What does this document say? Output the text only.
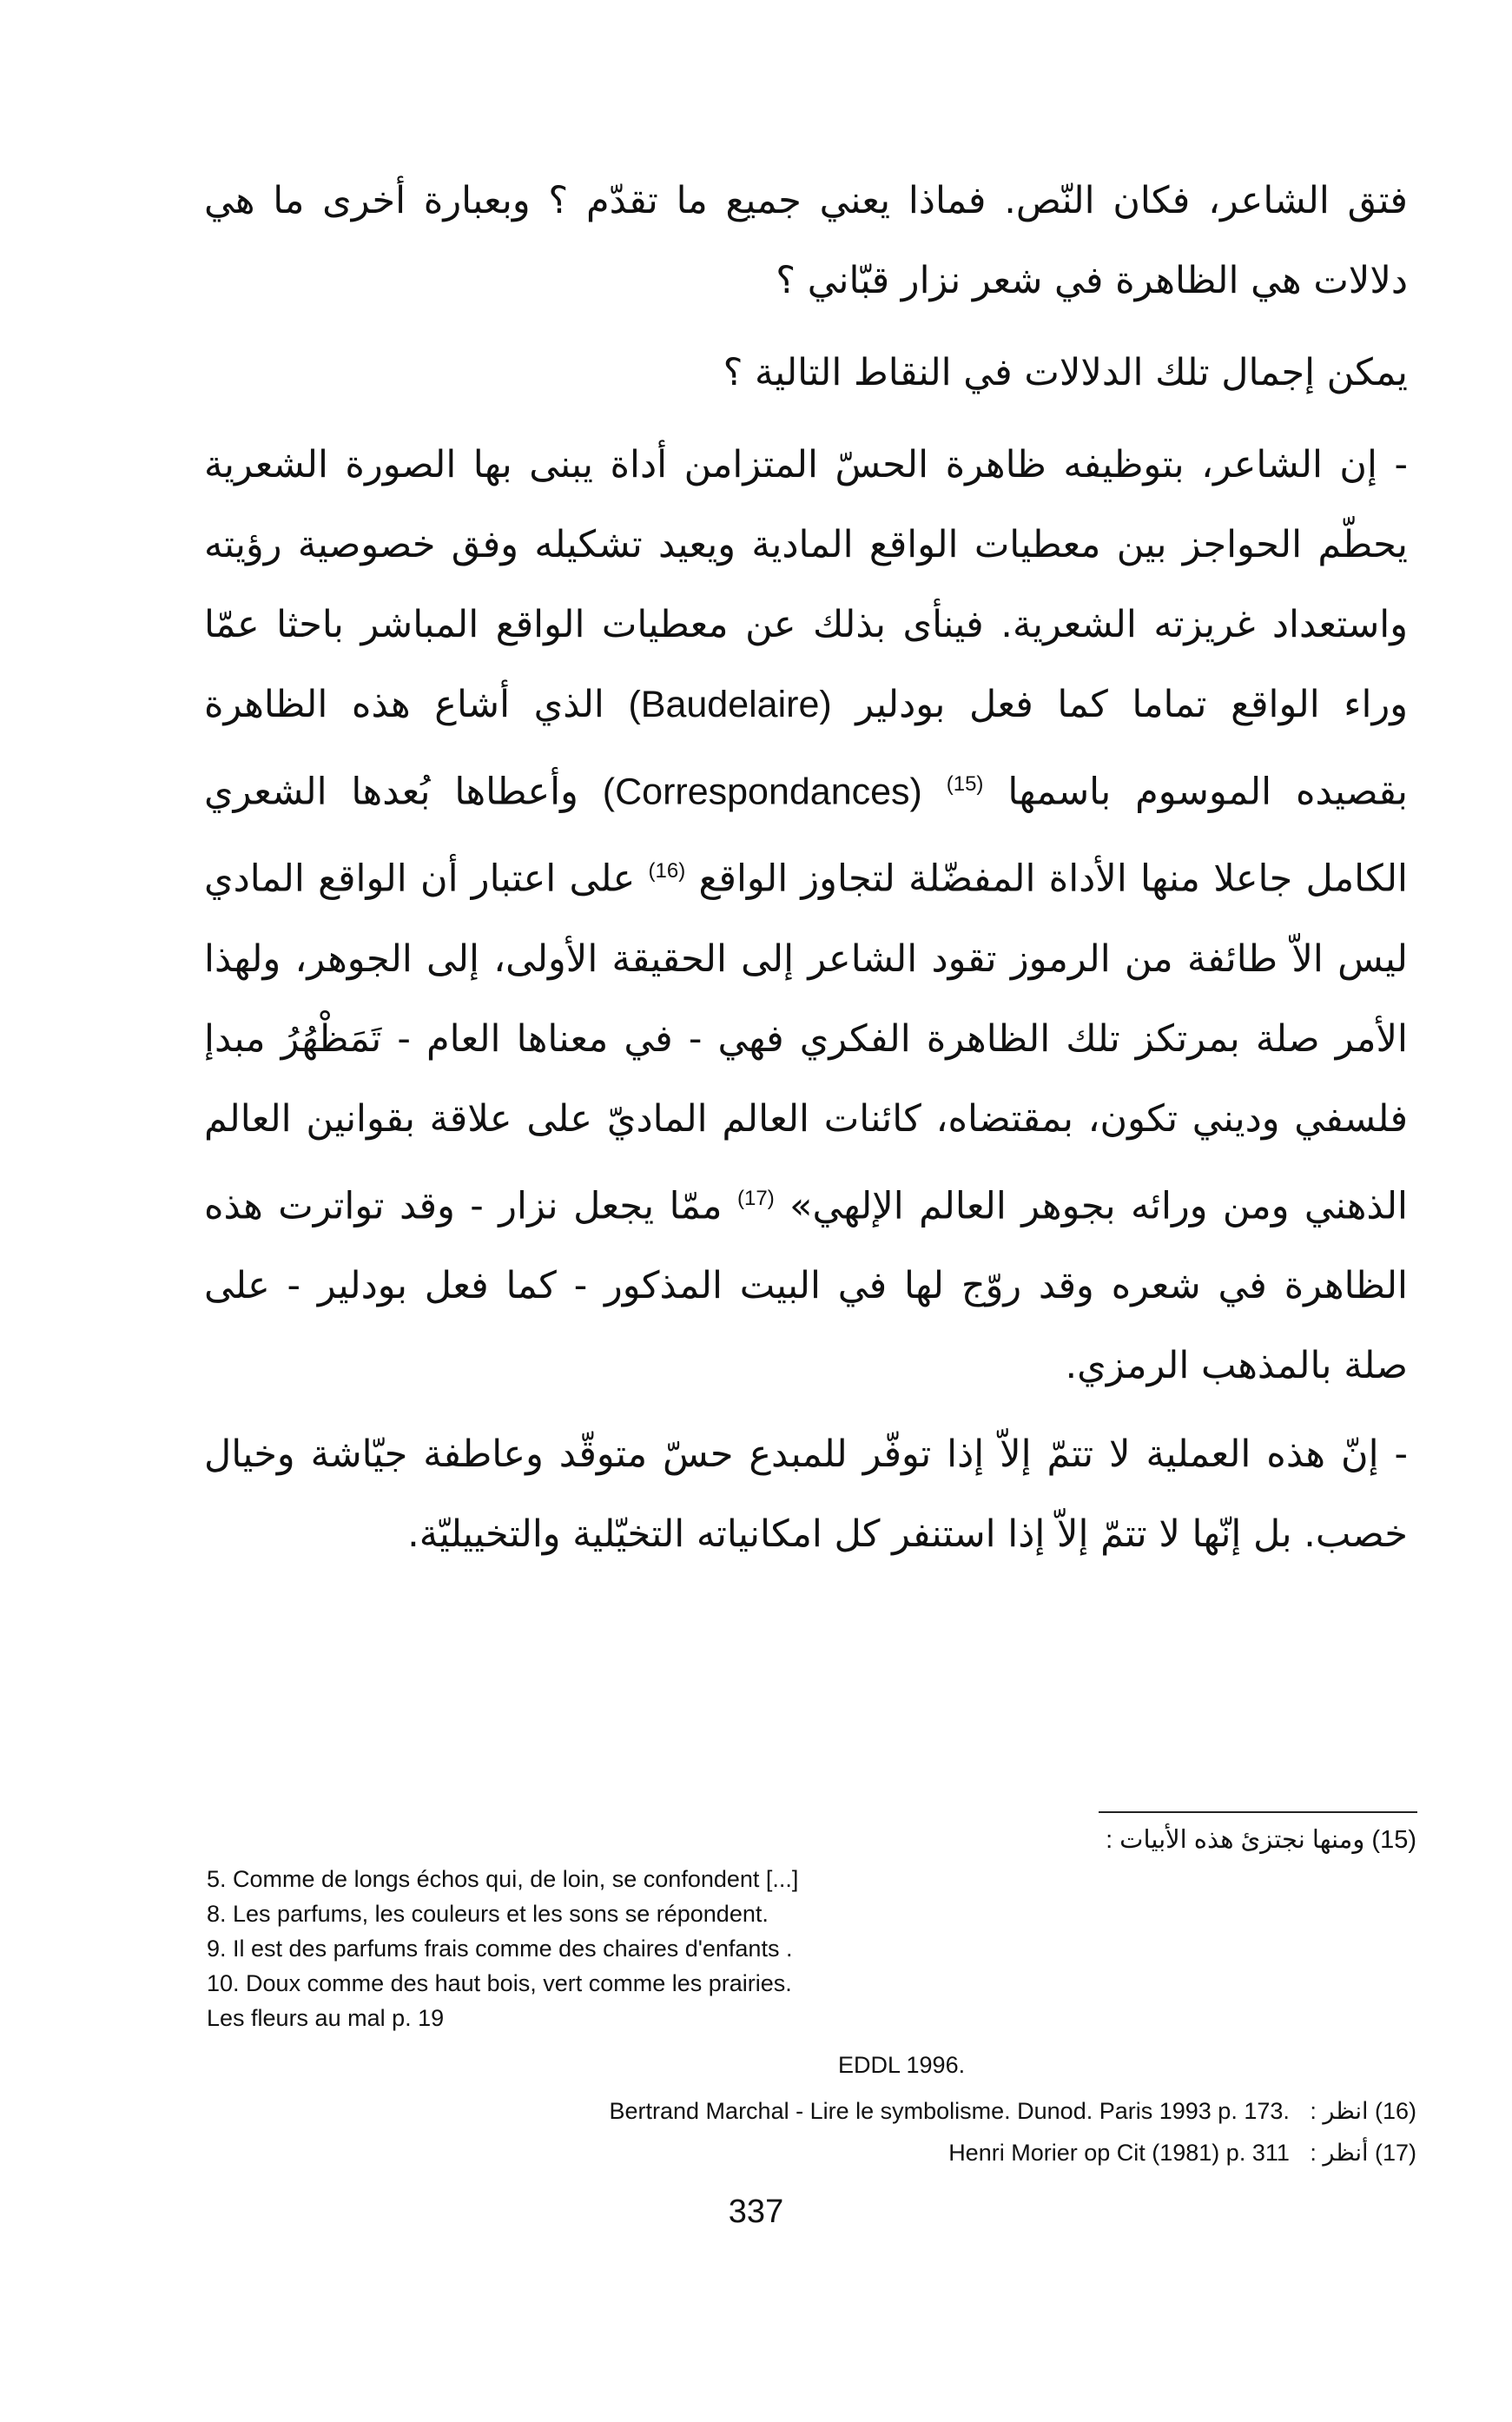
فتق الشاعر، فكان النّص. فماذا يعني جميع ما تقدّم ؟ وبعبارة أخرى ما هي دلالات هي الظاهرة في شعر نزار قبّاني ؟

يمكن إجمال تلك الدلالات في النقاط التالية ؟

- إن الشاعر، بتوظيفه ظاهرة الحسّ المتزامن أداة يبنى بها الصورة الشعرية يحطّم الحواجز بين معطيات الواقع المادية ويعيد تشكيله وفق خصوصية رؤيته واستعداد غريزته الشعرية. فينأى بذلك عن معطيات الواقع المباشر باحثا عمّا وراء الواقع تماما كما فعل بودلير (Baudelaire) الذي أشاع هذه الظاهرة بقصيده الموسوم باسمها (Correspondances) $^{(15)}$ وأعطاها بُعدها الشعري الكامل جاعلا منها الأداة المفضّلة لتجاوز الواقع $^{(16)}$ على اعتبار أن الواقع المادي ليس الاّ طائفة من الرموز تقود الشاعر إلى الحقيقة الأولى، إلى الجوهر، ولهذا الأمر صلة بمرتكز تلك الظاهرة الفكري فهي - في معناها العام - تَمَظْهُرُ مبدإ فلسفي وديني تكون، بمقتضاه، كائنات العالم الماديّ على علاقة بقوانين العالم الذهني ومن ورائه بجوهر العالم الإلهي» $^{(17)}$ ممّا يجعل نزار - وقد تواترت هذه الظاهرة في شعره وقد روّج لها في البيت المذكور - كما فعل بودلير - على صلة بالمذهب الرمزي.

- إنّ هذه العملية لا تتمّ إلاّ إذا توفّر للمبدع حسّ متوقّد وعاطفة جيّاشة وخيال خصب. بل إنّها لا تتمّ إلاّ إذا استنفر كل امكانياته التخيّلية والتخييليّة.

(15) ومنها نجتزئ هذه الأبيات :
5. Comme de longs échos qui, de loin, se confondent [...]
8. Les parfums, les couleurs et les sons se répondent.
9. Il est des parfums frais comme des chaires d'enfants .
10. Doux comme des haut bois, vert comme les prairies.
Les fleurs au mal p. 19
EDDL 1996.
Bertrand Marchal - Lire le symbolisme. Dunod. Paris 1993 p. 173. (16) انظر :
Henri Morier op Cit (1981) p. 311 (17) أنظر :
337
